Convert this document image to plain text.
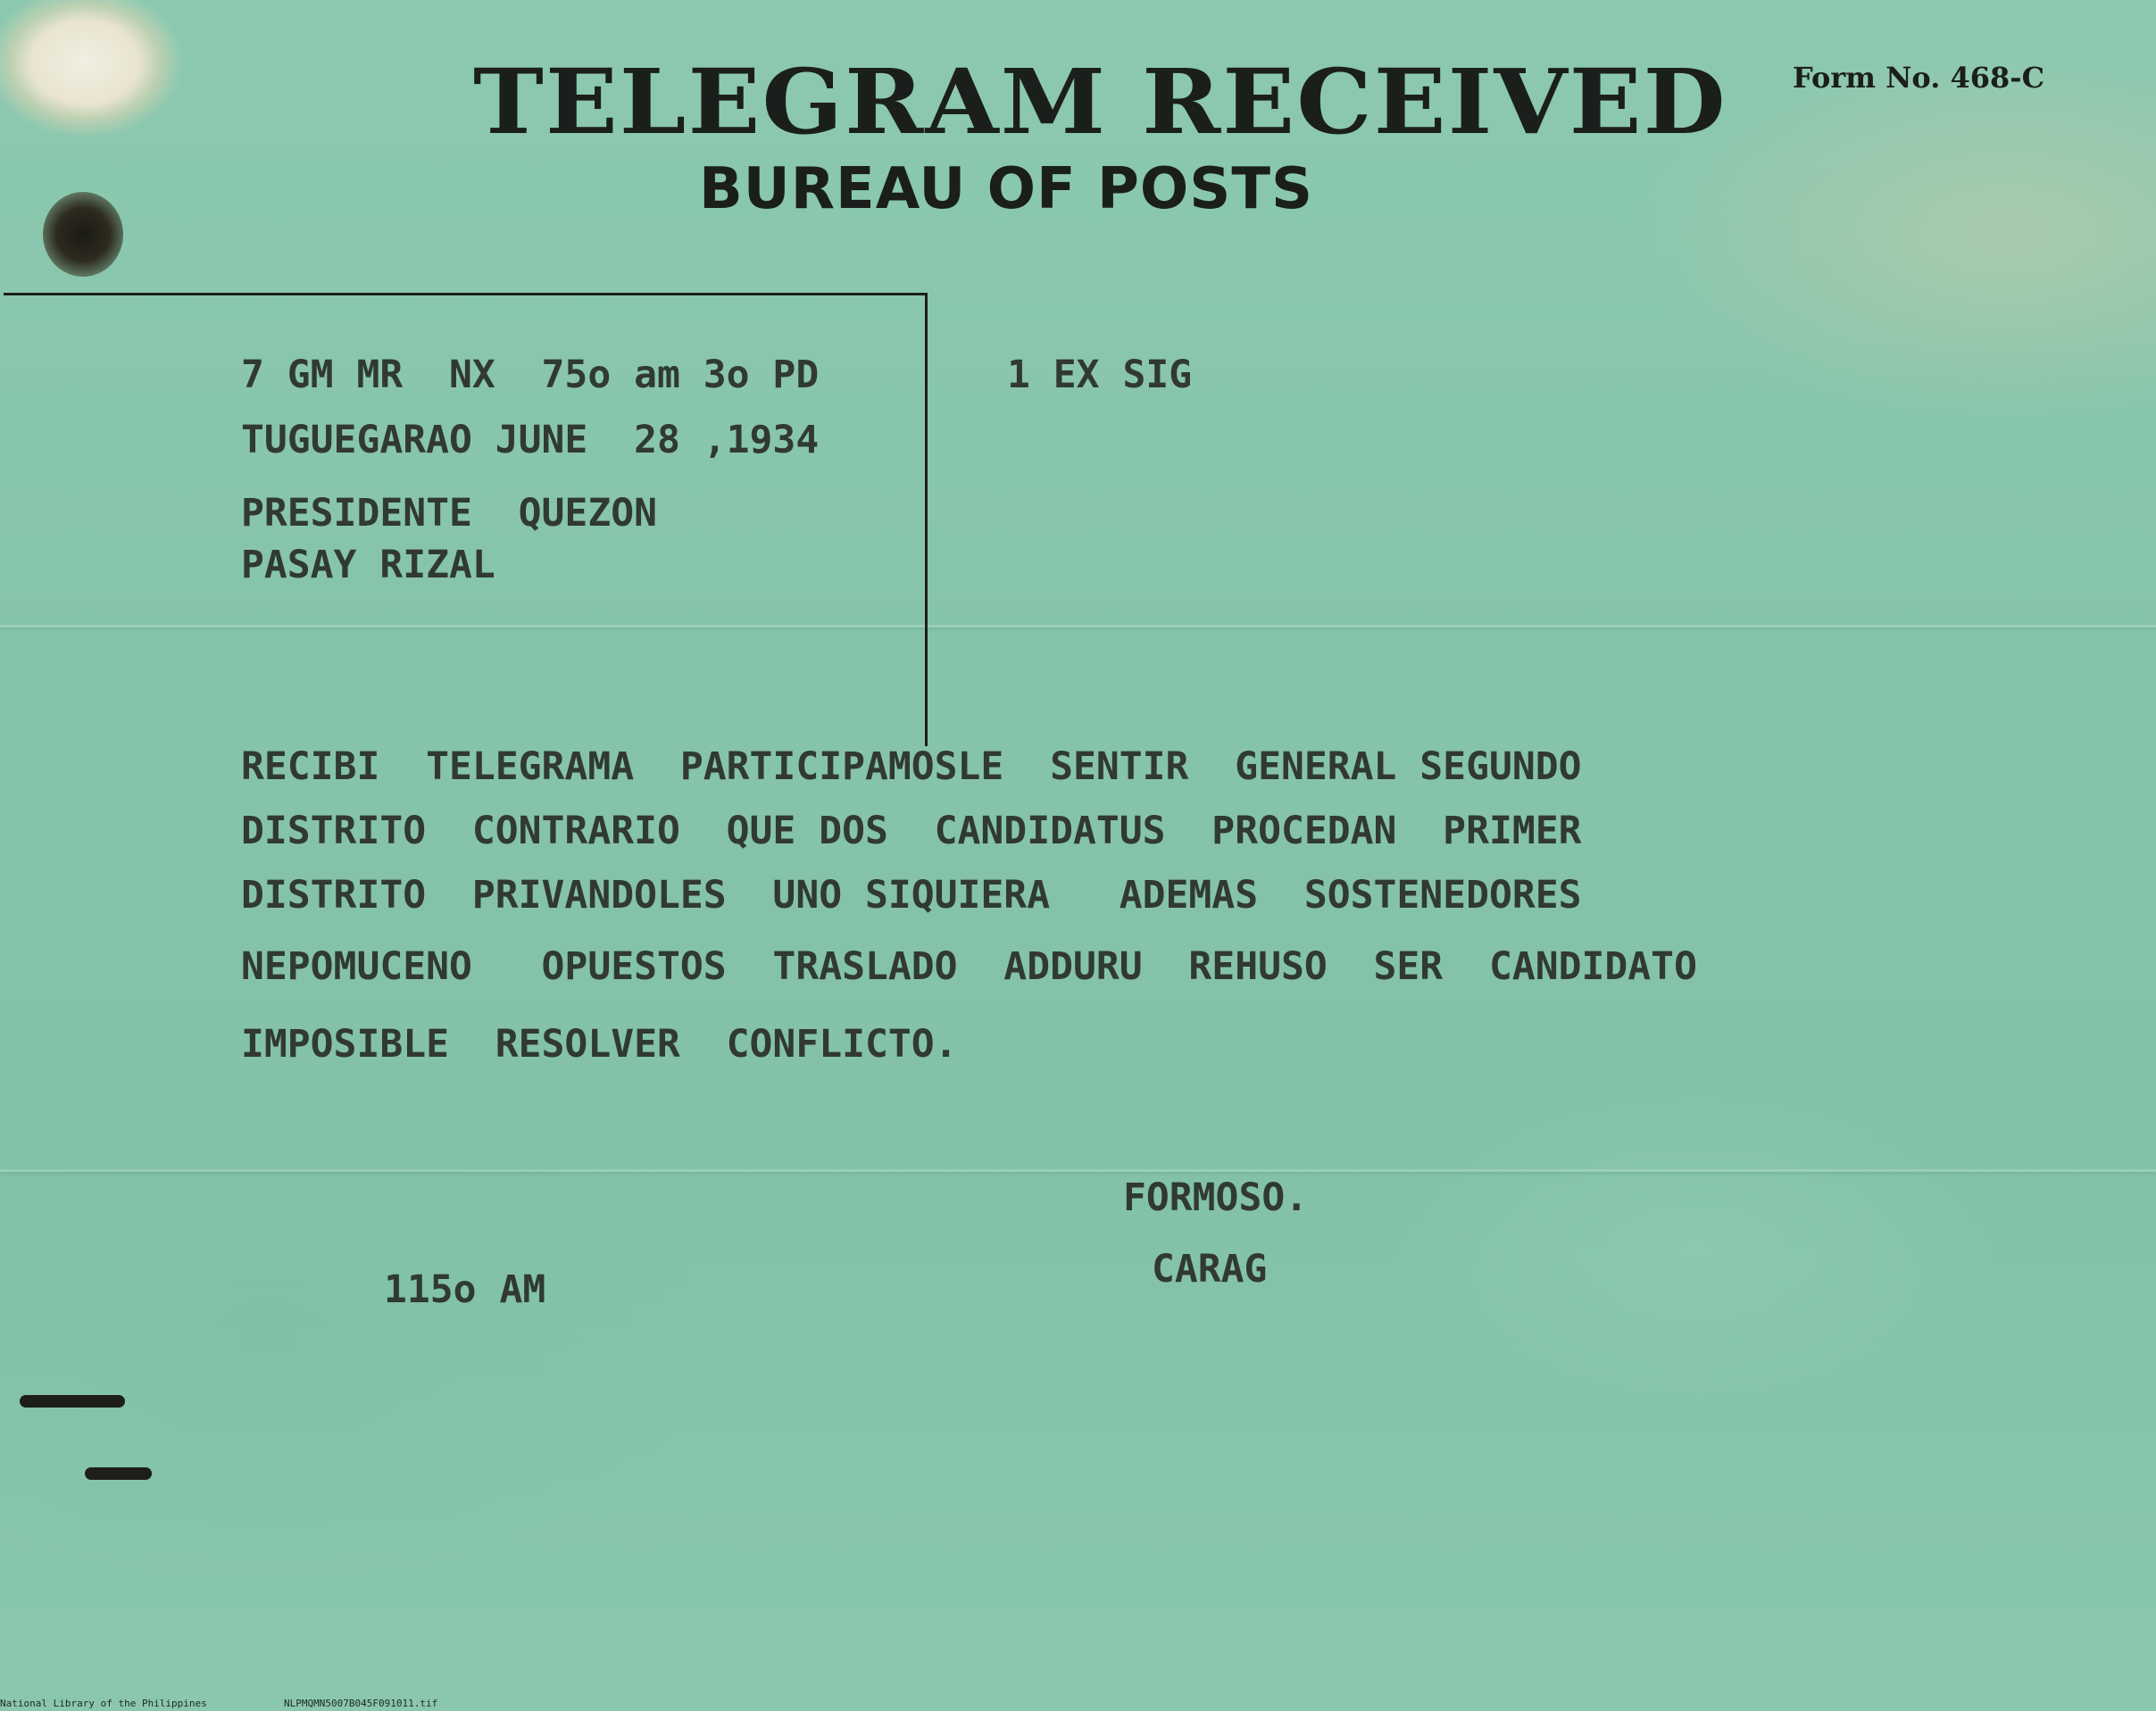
TELEGRAM RECEIVED
BUREAU OF POSTS
Form No. 468-C
7 GM MR  NX  75o am 3o PD	1 EX SIG
TUGUEGARAO JUNE  28 ,1934
PRESIDENTE  QUEZON
PASAY RIZAL
RECIBI  TELEGRAMA  PARTICIPAMOSLE  SENTIR  GENERAL SEGUNDO
DISTRITO  CONTRARIO  QUE DOS  CANDIDATUS  PROCEDAN  PRIMER
DISTRITO  PRIVANDOLES  UNO SIQUIERA   ADEMAS  SOSTENEDORES
NEPOMUCENO   OPUESTOS  TRASLADO  ADDURU  REHUSO  SER  CANDIDATO
IMPOSIBLE  RESOLVER  CONFLICTO.
FORMOSO.
CARAG
115o AM
National Library of the Philippines	NLPMQMN5007B045F091011.tif
